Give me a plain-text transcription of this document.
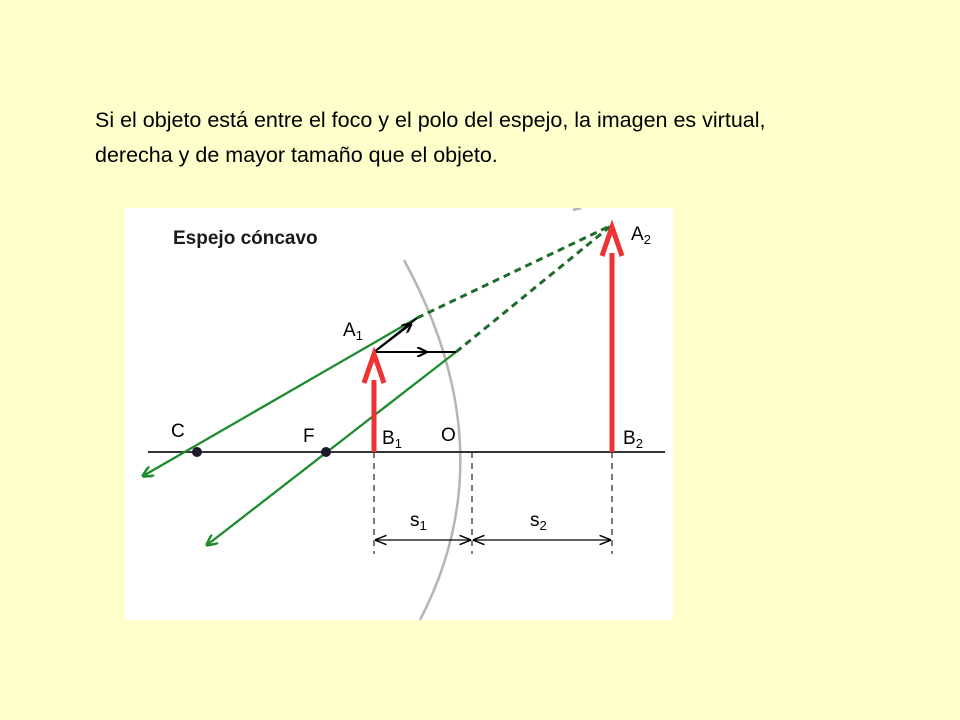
Si el objeto está entre el foco y el polo del espejo, la imagen es virtual, derecha y de mayor tamaño que el objeto.

Espejo cóncavo
C	F	O
$A_1$
$B_1$
$A_2$
$B_2$
$s_1$	$s_2$
